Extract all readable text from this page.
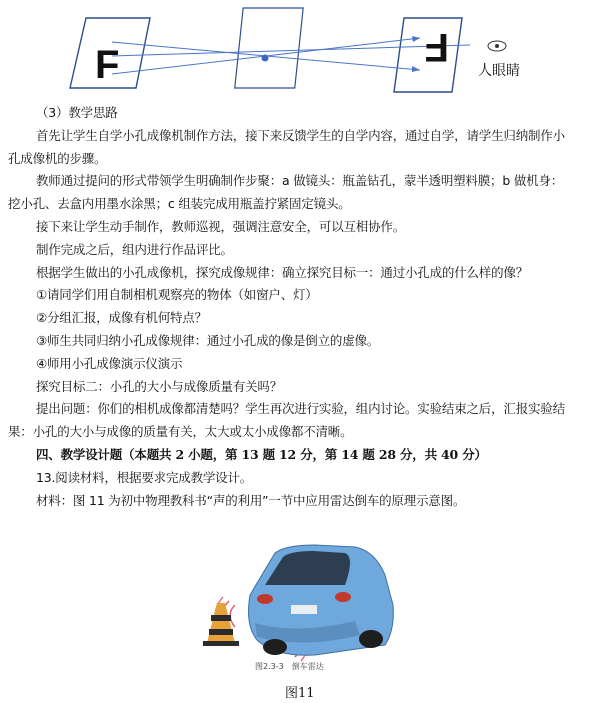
F	F
人眼睛
（3）教学思路
首先让学生自学小孔成像机制作方法，接下来反馈学生的自学内容，通过自学，请学生归纳制作小
孔成像机的步骤。
教师通过提问的形式带领学生明确制作步聚：a 做镜头：瓶盖钻孔，蒙半透明塑料膜；b 做机身：
挖小孔、去盒内用墨水涂黑；c 组装完成用瓶盖拧紧固定镜头。
接下来让学生动手制作，教师巡视，强调注意安全，可以互相协作。
制作完成之后，组内进行作品评比。
根据学生做出的小孔成像机，探究成像规律：确立探究目标一：通过小孔成的什么样的像？
①请同学们用自制相机观察亮的物体（如窗户、灯）
②分组汇报，成像有机何特点？
③师生共同归纳小孔成像规律：通过小孔成的像是倒立的虚像。
④师用小孔成像演示仪演示
探究目标二：小孔的大小与成像质量有关吗？
提出问题：你们的相机成像都清楚吗？学生再次进行实验，组内讨论。实验结束之后，汇报实验结
果：小孔的大小与成像的质量有关，太大或太小成像都不清晰。
四、教学设计题（本题共 2 小题，第 13 题 12 分，第 14 题 28 分，共 40 分）
13.阅读材料，根据要求完成教学设计。
材料：图 11 为初中物理教科书“声的利用”一节中应用雷达倒车的原理示意图。
图2.3-3　倒车雷达
图11
